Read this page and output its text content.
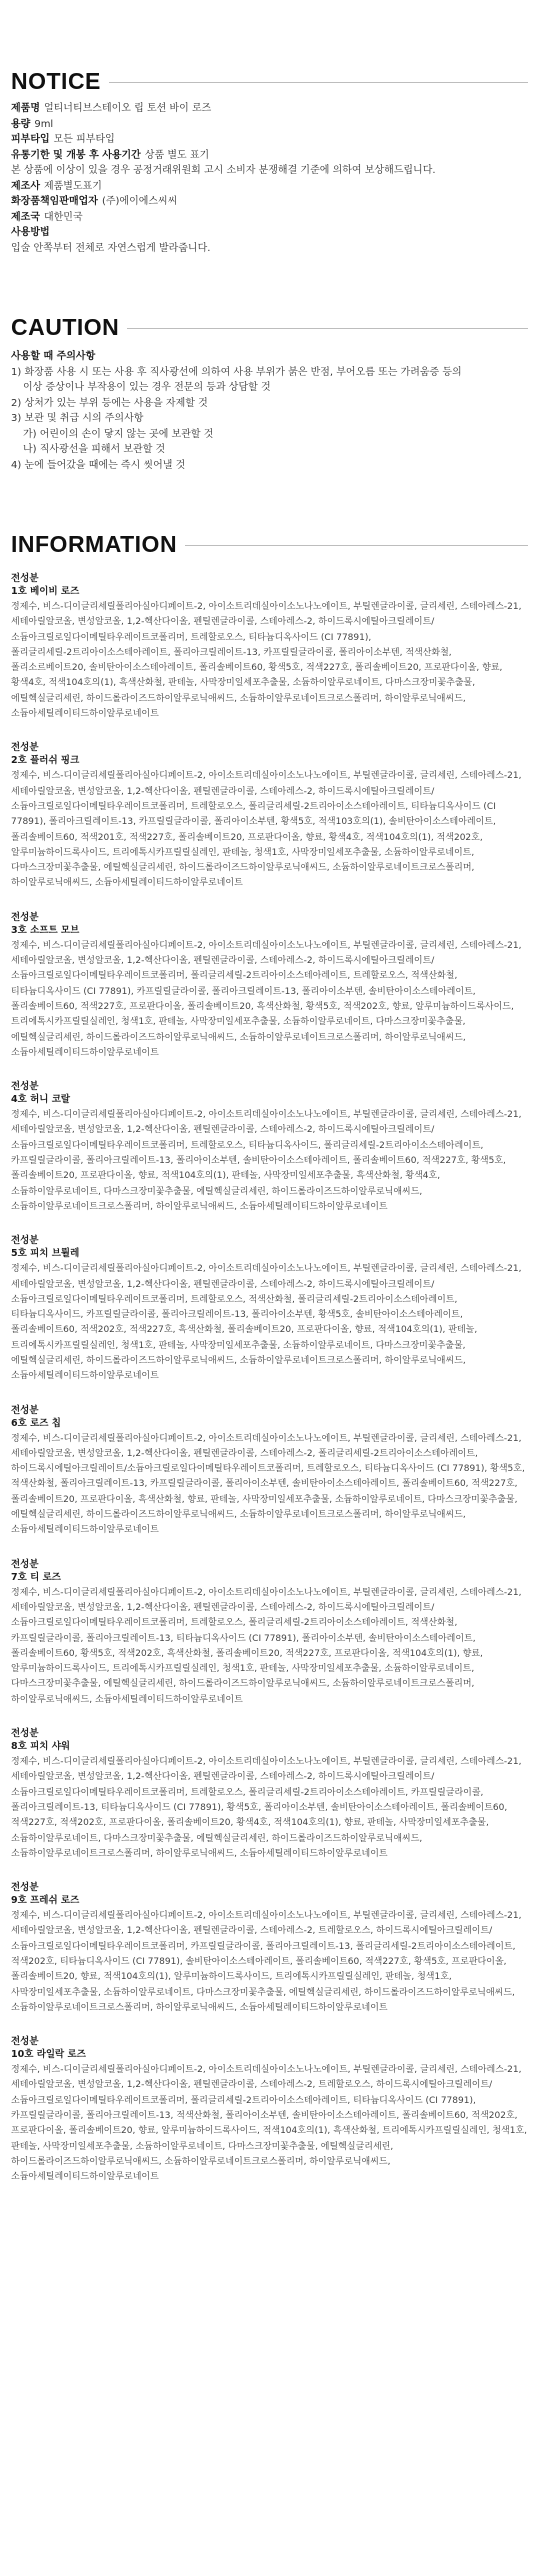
NOTICE
제품명 얼티너티브스테이오 립 토션 바이 로즈
용량 9ml
피부타입 모든 피부타입
유통기한 및 개봉 후 사용기간 상품 별도 표기
본 상품에 이상이 있을 경우 공정거래위원회 고시 소비자 분쟁해결 기준에 의하여 보상해드립니다.
제조사 제품별도표기
화장품책임판매업자 (주)에이에스씨씨
제조국 대한민국
사용방법
입술 안쪽부터 전체로 자연스럽게 발라줍니다.
CAUTION
사용할 때 주의사항
1) 화장품 사용 시 또는 사용 후 직사광선에 의하여 사용 부위가 붉은 반점, 부어오름 또는 가려움증 등의
이상 증상이나 부작용이 있는 경우 전문의 등과 상담할 것
2) 상처가 있는 부위 등에는 사용을 자제할 것
3) 보관 및 취급 시의 주의사항
가) 어린이의 손이 닿지 않는 곳에 보관할 것
나) 직사광선을 피해서 보관할 것
4) 눈에 들어갔을 때에는 즉시 씻어낼 것
INFORMATION
전성분
1호 베이비 로즈
정제수, 비스-디이글리세릴폴리아실아디페이트-2, 아이소트리데실아이소노나노에이트, 부틸렌글라이콜, 글리세린, 스테아레스-21, 세테아릴알코올, 변성알코올, 1,2-헥산다이올, 펜틸렌글라이콜, 스테아레스-2, 하이드록시에틸아크릴레이트/소듐아크릴로일다이메틸타우레이트코폴리머, 트레할로오스, 티타늄디옥사이드 (CI 77891), 폴리글리세릴-2트리아이소스테아레이트, 폴리아크릴레이트-13, 카프릴릴글라이콜, 폴리아이소부텐, 적색산화철, 폴리소르베이트20, 솔비탄아이소스테아레이트, 폴리솔베이트60, 황색5호, 적색227호, 폴리솔베이트20, 프로판다이올, 향료, 황색4호, 적색104호의(1), 흑색산화철, 판테놀, 사막장미일세포추출물, 소듐하이알루로네이트, 다마스크장미꽃추출물, 에틸헥실글리세린, 하이드롤라이즈드하이알루로닉애씨드, 소듐하이알루로네이트크로스폴리머, 하이알루로닉애씨드, 소듐아세틸레이티드하이알루로네이트
전성분
2호 플러쉬 핑크
정제수, 비스-디이글리세릴폴리아실아디페이트-2, 아이소트리데실아이소노나노에이트, 부틸렌글라이콜, 글리세린, 스테아레스-21, 세테아릴알코올, 변성알코올, 1,2-헥산다이올, 펜틸렌글라이콜, 스테아레스-2, 하이드록시에틸아크릴레이트/소듐아크릴로일다이메틸타우레이트코폴리머, 트레할로오스, 폴리글리세릴-2트리아이소스테아레이트, 티타늄디옥사이드 (CI 77891), 폴리아크릴레이트-13, 카프릴릴글라이콜, 폴리아이소부텐, 황색5호, 적색103호의(1), 솔비탄아이소스테아레이트, 폴리솔베이트60, 적색201호, 적색227호, 폴리솔베이트20, 프로판다이올, 향료, 황색4호, 적색104호의(1), 적색202호, 알루미늄하이드록사이드, 트리에톡시카프릴릴실레인, 판테놀, 청색1호, 사막장미일세포추출물, 소듐하이알루로네이트, 다마스크장미꽃추출물, 에틸헥실글리세린, 하이드롤라이즈드하이알루로닉애씨드, 소듐하이알루로네이트크로스폴리머, 하이알루로닉애씨드, 소듐아세틸레이티드하이알루로네이트
전성분
3호 소프트 모브
정제수, 비스-디이글리세릴폴리아실아디페이트-2, 아이소트리데실아이소노나노에이트, 부틸렌글라이콜, 글리세린, 스테아레스-21, 세테아릴알코올, 변성알코올, 1,2-헥산다이올, 펜틸렌글라이콜, 스테아레스-2, 하이드록시에틸아크릴레이트/소듐아크릴로일다이메틸타우레이트코폴리머, 폴리글리세릴-2트리아이소스테아레이트, 트레할로오스, 적색산화철, 티타늄디옥사이드 (CI 77891), 카프릴릴글라이콜, 폴리아크릴레이트-13, 폴리아이소부텐, 솔비탄아이소스테아레이트, 폴리솔베이트60, 적색227호, 프로판다이올, 폴리솔베이트20, 흑색산화철, 황색5호, 적색202호, 향료, 알루미늄하이드록사이드, 트리에톡시카프릴릴실레인, 청색1호, 판테놀, 사막장미일세포추출물, 소듐하이알루로네이트, 다마스크장미꽃추출물, 에틸헥실글리세린, 하이드롤라이즈드하이알루로닉애씨드, 소듐하이알루로네이트크로스폴리머, 하이알루로닉애씨드, 소듐아세틸레이티드하이알루로네이트
전성분
4호 허니 코랄
정제수, 비스-디이글리세릴폴리아실아디페이트-2, 아이소트리데실아이소노나노에이트, 부틸렌글라이콜, 글리세린, 스테아레스-21, 세테아릴알코올, 변성알코올, 1,2-헥산다이올, 펜틸렌글라이콜, 스테아레스-2, 하이드록시에틸아크릴레이트/소듐아크릴로일다이메틸타우레이트코폴리머, 트레할로오스, 티타늄디옥사이드, 폴리글리세릴-2트리아이소스테아레이트, 카프릴릴글라이콜, 폴리아크릴레이트-13, 폴리아이소부텐, 솔비탄아이소스테아레이트, 폴리솔베이트60, 적색227호, 황색5호, 폴리솔베이트20, 프로판다이올, 향료, 적색104호의(1), 판테놀, 사막장미일세포추출물, 흑색산화철, 황색4호, 소듐하이알루로네이트, 다마스크장미꽃추출물, 에틸헥실글리세린, 하이드롤라이즈드하이알루로닉애씨드, 소듐하이알루로네이트크로스폴리머, 하이알루로닉애씨드, 소듐아세틸레이티드하이알루로네이트
전성분
5호 피치 브륄레
정제수, 비스-디이글리세릴폴리아실아디페이트-2, 아이소트리데실아이소노나노에이트, 부틸렌글라이콜, 글리세린, 스테아레스-21, 세테아릴알코올, 변성알코올, 1,2-헥산다이올, 펜틸렌글라이콜, 스테아레스-2, 하이드록시에틸아크릴레이트/소듐아크릴로일다이메틸타우레이트코폴리머, 트레할로오스, 적색산화철, 폴리글리세릴-2트리아이소스테아레이트, 티타늄디옥사이드, 카프릴릴글라이콜, 폴리아크릴레이트-13, 폴리아이소부텐, 황색5호, 솔비탄아이소스테아레이트, 폴리솔베이트60, 적색202호, 적색227호, 흑색산화철, 폴리솔베이트20, 프로판다이올, 향료, 적색104호의(1), 판테놀, 트리에톡시카프릴릴실레인, 청색1호, 판테놀, 사막장미일세포추출물, 소듐하이알루로네이트, 다마스크장미꽃추출물, 에틸헥실글리세린, 하이드롤라이즈드하이알루로닉애씨드, 소듐하이알루로네이트크로스폴리머, 하이알루로닉애씨드, 소듐아세틸레이티드하이알루로네이트
전성분
6호 로즈 칩
정제수, 비스-디이글리세릴폴리아실아디페이트-2, 아이소트리데실아이소노나노에이트, 부틸렌글라이콜, 글리세린, 스테아레스-21, 세테아릴알코올, 변성알코올, 1,2-헥산다이올, 펜틸렌글라이콜, 스테아레스-2, 폴리글리세릴-2트리아이소스테아레이트, 하이드록시에틸아크릴레이트/소듐아크릴로일다이메틸타우레이트코폴리머, 트레할로오스, 티타늄디옥사이드 (CI 77891), 황색5호, 적색산화철, 폴리아크릴레이트-13, 카프릴릴글라이콜, 폴리아이소부텐, 솔비탄아이소스테아레이트, 폴리솔베이트60, 적색227호, 폴리솔베이트20, 프로판다이올, 흑색산화철, 향료, 판테놀, 사막장미일세포추출물, 소듐하이알루로네이트, 다마스크장미꽃추출물, 에틸헥실글리세린, 하이드롤라이즈드하이알루로닉애씨드, 소듐하이알루로네이트크로스폴리머, 하이알루로닉애씨드, 소듐아세틸레이티드하이알루로네이트
전성분
7호 티 로즈
정제수, 비스-디이글리세릴폴리아실아디페이트-2, 아이소트리데실아이소노나노에이트, 부틸렌글라이콜, 글리세린, 스테아레스-21, 세테아릴알코올, 변성알코올, 1,2-헥산다이올, 펜틸렌글라이콜, 스테아레스-2, 하이드록시에틸아크릴레이트/소듐아크릴로일다이메틸타우레이트코폴리머, 트레할로오스, 폴리글리세릴-2트리아이소스테아레이트, 적색산화철, 카프릴릴글라이콜, 폴리아크릴레이트-13, 티타늄디옥사이드 (CI 77891), 폴리아이소부텐, 솔비탄아이소스테아레이트, 폴리솔베이트60, 황색5호, 적색202호, 흑색산화철, 폴리솔베이트20, 적색227호, 프로판다이올, 적색104호의(1), 향료, 알루미늄하이드록사이드, 트리에톡시카프릴릴실레인, 청색1호, 판테놀, 사막장미일세포추출물, 소듐하이알루로네이트, 다마스크장미꽃추출물, 에틸헥실글리세린, 하이드롤라이즈드하이알루로닉애씨드, 소듐하이알루로네이트크로스폴리머, 하이알루로닉애씨드, 소듐아세틸레이티드하이알루로네이트
전성분
8호 피치 샤워
정제수, 비스-디이글리세릴폴리아실아디페이트-2, 아이소트리데실아이소노나노에이트, 부틸렌글라이콜, 글리세린, 스테아레스-21, 세테아릴알코올, 변성알코올, 1,2-헥산다이올, 펜틸렌글라이콜, 스테아레스-2, 하이드록시에틸아크릴레이트/소듐아크릴로일다이메틸타우레이트코폴리머, 트레할로오스, 폴리글리세릴-2트리아이소스테아레이트, 카프릴릴글라이콜, 폴리아크릴레이트-13, 티타늄디옥사이드 (CI 77891), 황색5호, 폴리아이소부텐, 솔비탄아이소스테아레이트, 폴리솔베이트60, 적색227호, 적색202호, 프로판다이올, 폴리솔베이트20, 황색4호, 적색104호의(1), 향료, 판테놀, 사막장미일세포추출물, 소듐하이알루로네이트, 다마스크장미꽃추출물, 에틸헥실글리세린, 하이드롤라이즈드하이알루로닉애씨드, 소듐하이알루로네이트크로스폴리머, 하이알루로닉애씨드, 소듐아세틸레이티드하이알루로네이트
전성분
9호 프레쉬 로즈
정제수, 비스-디이글리세릴폴리아실아디페이트-2, 아이소트리데실아이소노나노에이트, 부틸렌글라이콜, 글리세린, 스테아레스-21, 세테아릴알코올, 변성알코올, 1,2-헥산다이올, 펜틸렌글라이콜, 스테아레스-2, 트레할로오스, 하이드록시에틸아크릴레이트/소듐아크릴로일다이메틸타우레이트코폴리머, 카프릴릴글라이콜, 폴리아크릴레이트-13, 폴리글리세릴-2트리아이소스테아레이트, 적색202호, 티타늄디옥사이드 (CI 77891), 솔비탄아이소스테아레이트, 폴리솔베이트60, 적색227호, 황색5호, 프로판다이올, 폴리솔베이트20, 향료, 적색104호의(1), 알루미늄하이드록사이드, 트리에톡시카프릴릴실레인, 판테놀, 청색1호, 사막장미일세포추출물, 소듐하이알루로네이트, 다마스크장미꽃추출물, 에틸헥실글리세린, 하이드롤라이즈드하이알루로닉애씨드, 소듐하이알루로네이트크로스폴리머, 하이알루로닉애씨드, 소듐아세틸레이티드하이알루로네이트
전성분
10호 라일락 로즈
정제수, 비스-디이글리세릴폴리아실아디페이트-2, 아이소트리데실아이소노나노에이트, 부틸렌글라이콜, 글리세린, 스테아레스-21, 세테아릴알코올, 변성알코올, 1,2-헥산다이올, 펜틸렌글라이콜, 스테아레스-2, 트레할로오스, 하이드록시에틸아크릴레이트/소듐아크릴로일다이메틸타우레이트코폴리머, 폴리글리세릴-2트리아이소스테아레이트, 티타늄디옥사이드 (CI 77891), 카프릴릴글라이콜, 폴리아크릴레이트-13, 적색산화철, 폴리아이소부텐, 솔비탄아이소스테아레이트, 폴리솔베이트60, 적색202호, 프로판다이올, 폴리솔베이트20, 향료, 알루미늄하이드록사이드, 적색104호의(1), 흑색산화철, 트리에톡시카프릴릴실레인, 청색1호, 판테놀, 사막장미일세포추출물, 소듐하이알루로네이트, 다마스크장미꽃추출물, 에틸헥실글리세린, 하이드롤라이즈드하이알루로닉애씨드, 소듐하이알루로네이트크로스폴리머, 하이알루로닉애씨드, 소듐아세틸레이티드하이알루로네이트
